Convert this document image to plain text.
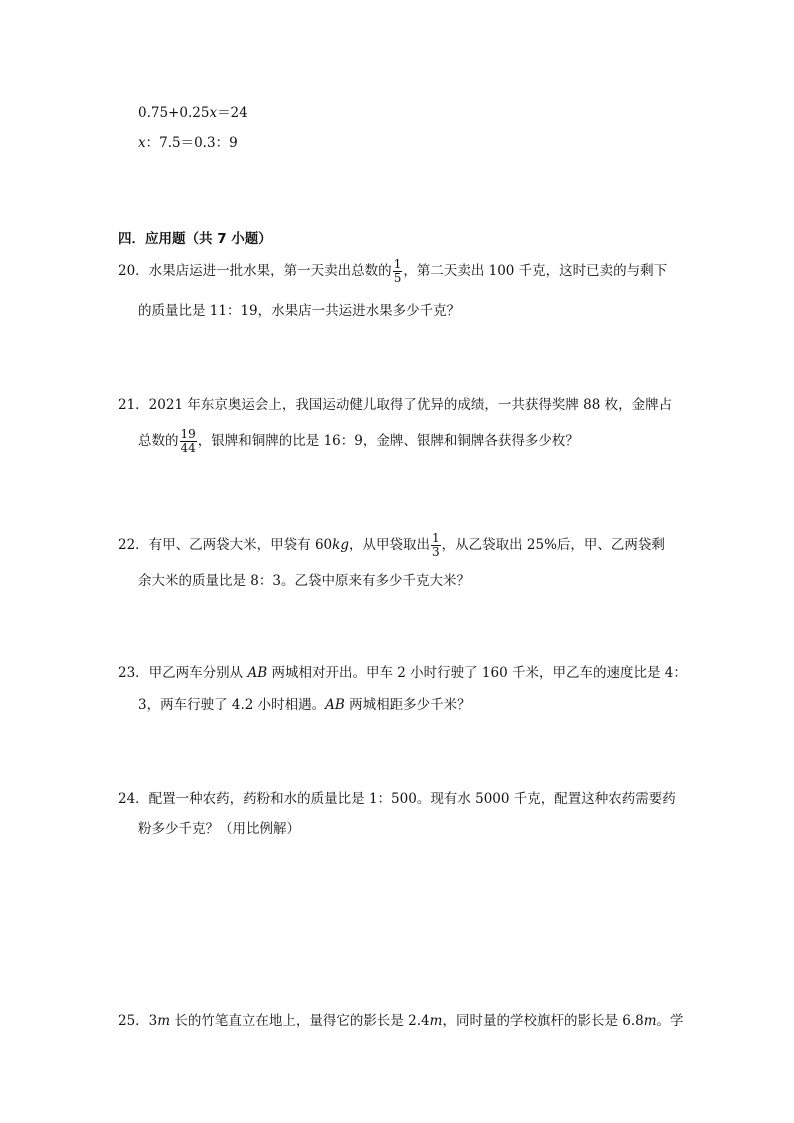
0.75+0.25x＝24
x：7.5＝0.3：9
四．应用题（共 7 小题）
20．水果店运进一批水果，第一天卖出总数的 $\frac{1}{5}$ ，第二天卖出 100 千克，这时已卖的与剩下
的质量比是 11：19，水果店一共运进水果多少千克？
21．2021 年东京奥运会上，我国运动健儿取得了优异的成绩，一共获得奖牌 88 枚，金牌占
总数的 $\frac{19}{44}$ ，银牌和铜牌的比是 16：9，金牌、银牌和铜牌各获得多少枚？
22．有甲、乙两袋大米，甲袋有 60kg，从甲袋取出 $\frac{1}{3}$ ，从乙袋取出 25%后，甲、乙两袋剩
余大米的质量比是 8：3。乙袋中原来有多少千克大米？
23．甲乙两车分别从 AB 两城相对开出。甲车 2 小时行驶了 160 千米，甲乙车的速度比是 4：
3，两车行驶了 4.2 小时相遇。AB 两城相距多少千米？
24．配置一种农药，药粉和水的质量比是 1：500。现有水 5000 千克，配置这种农药需要药
粉多少千克？（用比例解）
25．3m 长的竹笔直立在地上，量得它的影长是 2.4m，同时量的学校旗杆的影长是 6.8m。学
